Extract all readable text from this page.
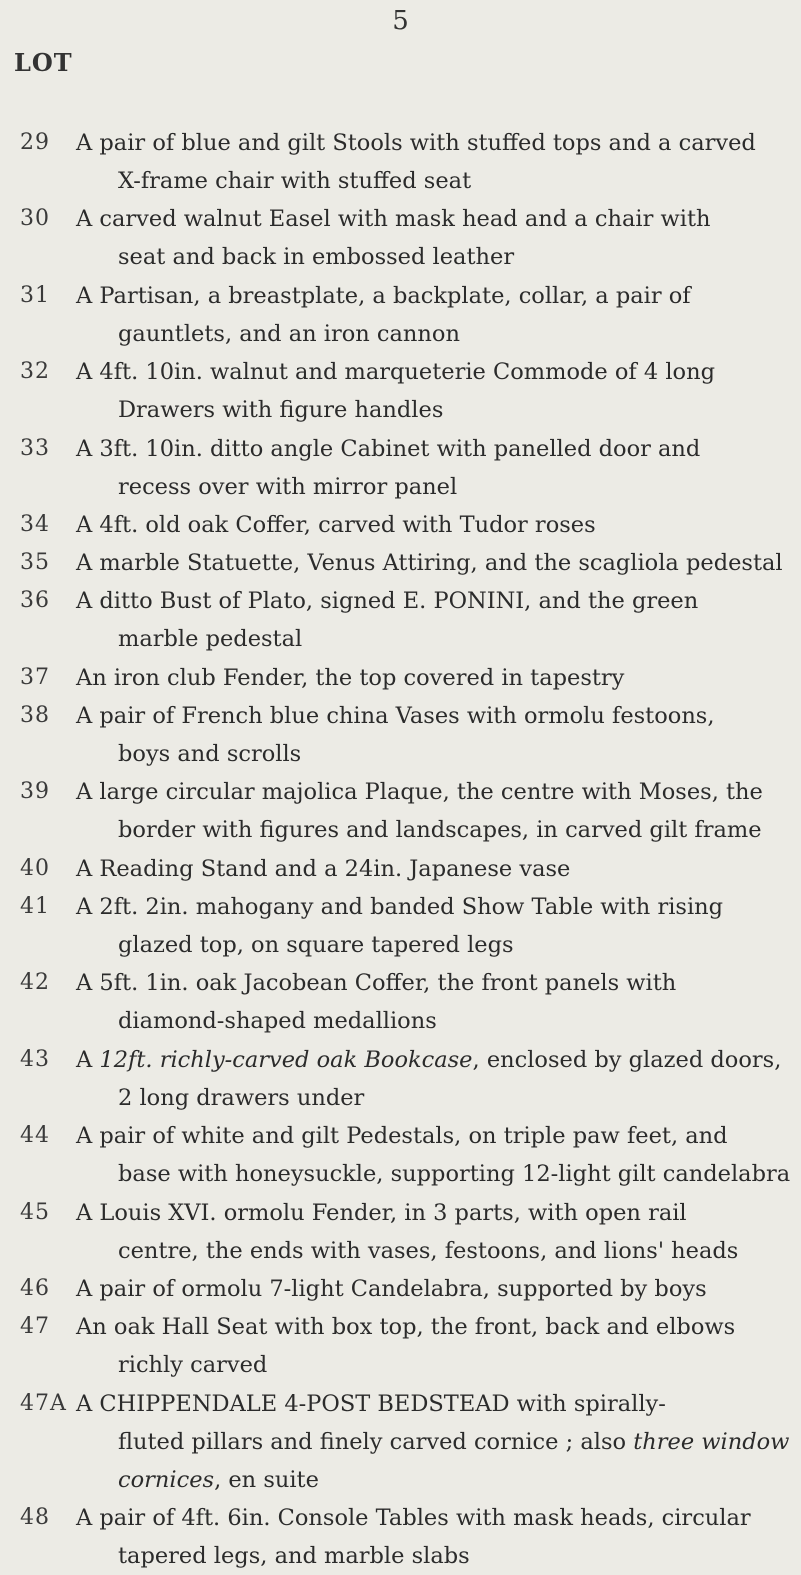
5
LOT
29	A pair of blue and gilt Stools with stuffed tops and a carved
X-frame chair with stuffed seat
30	A carved walnut Easel with mask head and a chair with
seat and back in embossed leather
31	A Partisan, a breastplate, a backplate, collar, a pair of
gauntlets, and an iron cannon
32	A 4ft. 10in. walnut and marqueterie Commode of 4 long
Drawers with figure handles
33	A 3ft. 10in. ditto angle Cabinet with panelled door and
recess over with mirror panel
34	A 4ft. old oak Coffer, carved with Tudor roses
35	A marble Statuette, Venus Attiring, and the scagliola pedestal
36	A ditto Bust of Plato, signed E. PONINI, and the green
marble pedestal
37	An iron club Fender, the top covered in tapestry
38	A pair of French blue china Vases with ormolu festoons,
boys and scrolls
39	A large circular majolica Plaque, the centre with Moses, the
border with figures and landscapes, in carved gilt frame
40	A Reading Stand and a 24in. Japanese vase
41	A 2ft. 2in. mahogany and banded Show Table with rising
glazed top, on square tapered legs
42	A 5ft. 1in. oak Jacobean Coffer, the front panels with
diamond-shaped medallions
43	A 12ft. richly-carved oak Bookcase, enclosed by glazed doors,
2 long drawers under
44	A pair of white and gilt Pedestals, on triple paw feet, and
base with honeysuckle, supporting 12-light gilt candelabra
45	A Louis XVI. ormolu Fender, in 3 parts, with open rail
centre, the ends with vases, festoons, and lions' heads
46	A pair of ormolu 7-light Candelabra, supported by boys
47	An oak Hall Seat with box top, the front, back and elbows
richly carved
47A A CHIPPENDALE 4-POST BEDSTEAD with spirally-
fluted pillars and finely carved cornice ; also three window
cornices, en suite
48	A pair of 4ft. 6in. Console Tables with mask heads, circular
tapered legs, and marble slabs
